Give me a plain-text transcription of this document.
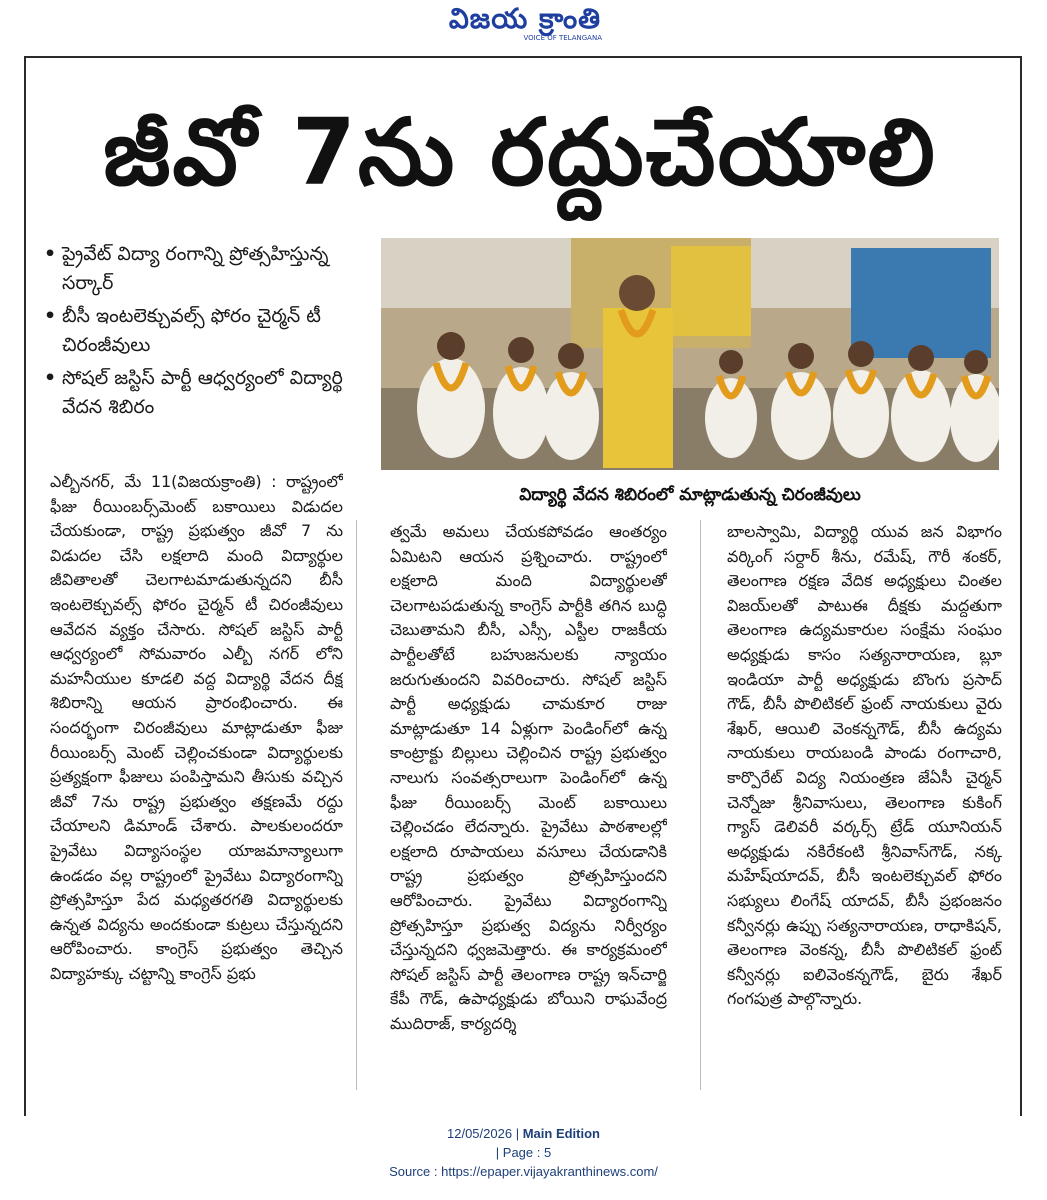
విజయ క్రాంతి
VOICE OF TELANGANA
జీవో 7ను రద్దుచేయాలి
• ప్రైవేట్ విద్యా రంగాన్ని ప్రోత్సహిస్తున్న సర్కార్
• బీసీ ఇంటలెక్చువల్స్ ఫోరం చైర్మన్ టీ చిరంజీవులు
• సోషల్ జస్టిస్ పార్టీ ఆధ్వర్యంలో విద్యార్థి వేదన శిబిరం
విద్యార్థి వేదన శిబిరంలో మాట్లాడుతున్న చిరంజీవులు
ఎల్బీనగర్, మే 11(విజయక్రాంతి) : రాష్ట్రంలో ఫీజు రీయింబర్స్‌మెంట్ బకాయిలు విడుదల చేయకుండా, రాష్ట్ర ప్రభుత్వం జీవో 7 ను విడుదల చేసి లక్షలాది మంది విద్యార్థుల జీవితాలతో చెలగాటమాడుతున్నదని బీసీ ఇంటలెక్చువల్స్ ఫోరం చైర్మన్ టీ చిరంజీవులు ఆవేదన వ్యక్తం చేసారు. సోషల్ జస్టిస్ పార్టీ ఆధ్వర్యంలో సోమవారం ఎల్బీ నగర్ లోని మహనీయుల కూడలి వద్ద విద్యార్థి వేదన దీక్ష శిబిరాన్ని ఆయన ప్రారంభించారు. ఈ సందర్భంగా చిరంజీవులు మాట్లాడుతూ ఫీజు రీయింబర్స్ మెంట్ చెల్లించకుండా విద్యార్థులకు ప్రత్యక్షంగా ఫీజులు పంపిస్తామని తీసుకు వచ్చిన జీవో 7ను రాష్ట్ర ప్రభుత్వం తక్షణమే రద్దు చేయాలని డిమాండ్ చేశారు. పాలకులందరూ ప్రైవేటు విద్యాసంస్థల యాజమాన్యాలుగా ఉండడం వల్ల రాష్ట్రంలో ప్రైవేటు విద్యారంగాన్ని ప్రోత్సహిస్తూ పేద మధ్యతరగతి విద్యార్థులకు ఉన్నత విద్యను అందకుండా కుట్రలు చేస్తున్నదని ఆరోపించారు. కాంగ్రెస్ ప్రభుత్వం తెచ్చిన విద్యాహక్కు చట్టాన్ని కాంగ్రెస్ ప్రభు
త్వమే అమలు చేయకపోవడం ఆంతర్యం ఏమిటని ఆయన ప్రశ్నించారు. రాష్ట్రంలో లక్షలాది మంది విద్యార్థులతో చెలగాటపడుతున్న కాంగ్రెస్ పార్టీకి తగిన బుద్ధి చెబుతామని బీసీ, ఎస్సీ, ఎస్టీల రాజకీయ పార్టీలతోటే బహుజనులకు న్యాయం జరుగుతుందని వివరించారు. సోషల్ జస్టిస్ పార్టీ అధ్యక్షుడు చామకూర రాజు మాట్లాడుతూ 14 ఏళ్లుగా పెండింగ్‌లో ఉన్న కాంట్రాక్టు బిల్లులు చెల్లించిన రాష్ట్ర ప్రభుత్వం నాలుగు సంవత్సరాలుగా పెండింగ్‌లో ఉన్న ఫీజు రీయింబర్స్ మెంట్ బకాయిలు చెల్లించడం లేదన్నారు. ప్రైవేటు పాఠశాలల్లో లక్షలాది రూపాయలు వసూలు చేయడానికి రాష్ట్ర ప్రభుత్వం ప్రోత్సహిస్తుందని ఆరోపించారు. ప్రైవేటు విద్యారంగాన్ని ప్రోత్సహిస్తూ ప్రభుత్వ విద్యను నిర్వీర్యం చేస్తున్నదని ధ్వజమెత్తారు. ఈ కార్యక్రమంలో సోషల్ జస్టిస్ పార్టీ తెలంగాణ రాష్ట్ర ఇన్‌చార్జి కేపీ గౌడ్, ఉపాధ్యక్షుడు బోయిని రాఘవేంద్ర ముదిరాజ్, కార్యదర్శి
బాలస్వామి, విద్యార్థి యువ జన విభాగం వర్కింగ్ సర్దార్ శీను, రమేష్, గౌరీ శంకర్, తెలంగాణ రక్షణ వేదిక అధ్యక్షులు చింతల విజయ్‌లతో పాటుఈ దీక్షకు మద్దతుగా తెలంగాణ ఉద్యమకారుల సంక్షేమ సంఘం అధ్యక్షుడు కాసం సత్యనారాయణ, బ్లూ ఇండియా పార్టీ అధ్యక్షుడు బొంగు ప్రసాద్ గౌడ్, బీసీ పొలిటికల్ ఫ్రంట్ నాయకులు వైరు శేఖర్, ఆయిలి వెంకన్నగౌడ్, బీసీ ఉద్యమ నాయకులు రాయబండి పాండు రంగాచారి, కార్పొరేట్ విద్య నియంత్రణ జేఏసీ చైర్మన్ చెన్నోజు శ్రీనివాసులు, తెలంగాణ కుకింగ్ గ్యాస్ డెలివరీ వర్కర్స్ ట్రేడ్ యూనియన్ అధ్యక్షుడు నకిరేకంటి శ్రీనివాస్‌గౌడ్, నక్క మహేష్‌యాదవ్, బీసీ ఇంటలెక్చువల్ ఫోరం సభ్యులు లింగేష్ యాదవ్, బీసీ ప్రభంజనం కన్వీనర్లు ఉప్పు సత్యనారాయణ, రాధాకిషన్, తెలంగాణ వెంకన్న, బీసీ పొలిటికల్ ఫ్రంట్ కన్వీనర్లు ఐలివెంకన్నగౌడ్, బైరు శేఖర్ గంగపుత్ర పాల్గొన్నారు.
12/05/2026 | Main Edition
| Page : 5
Source : https://epaper.vijayakranthinews.com/
